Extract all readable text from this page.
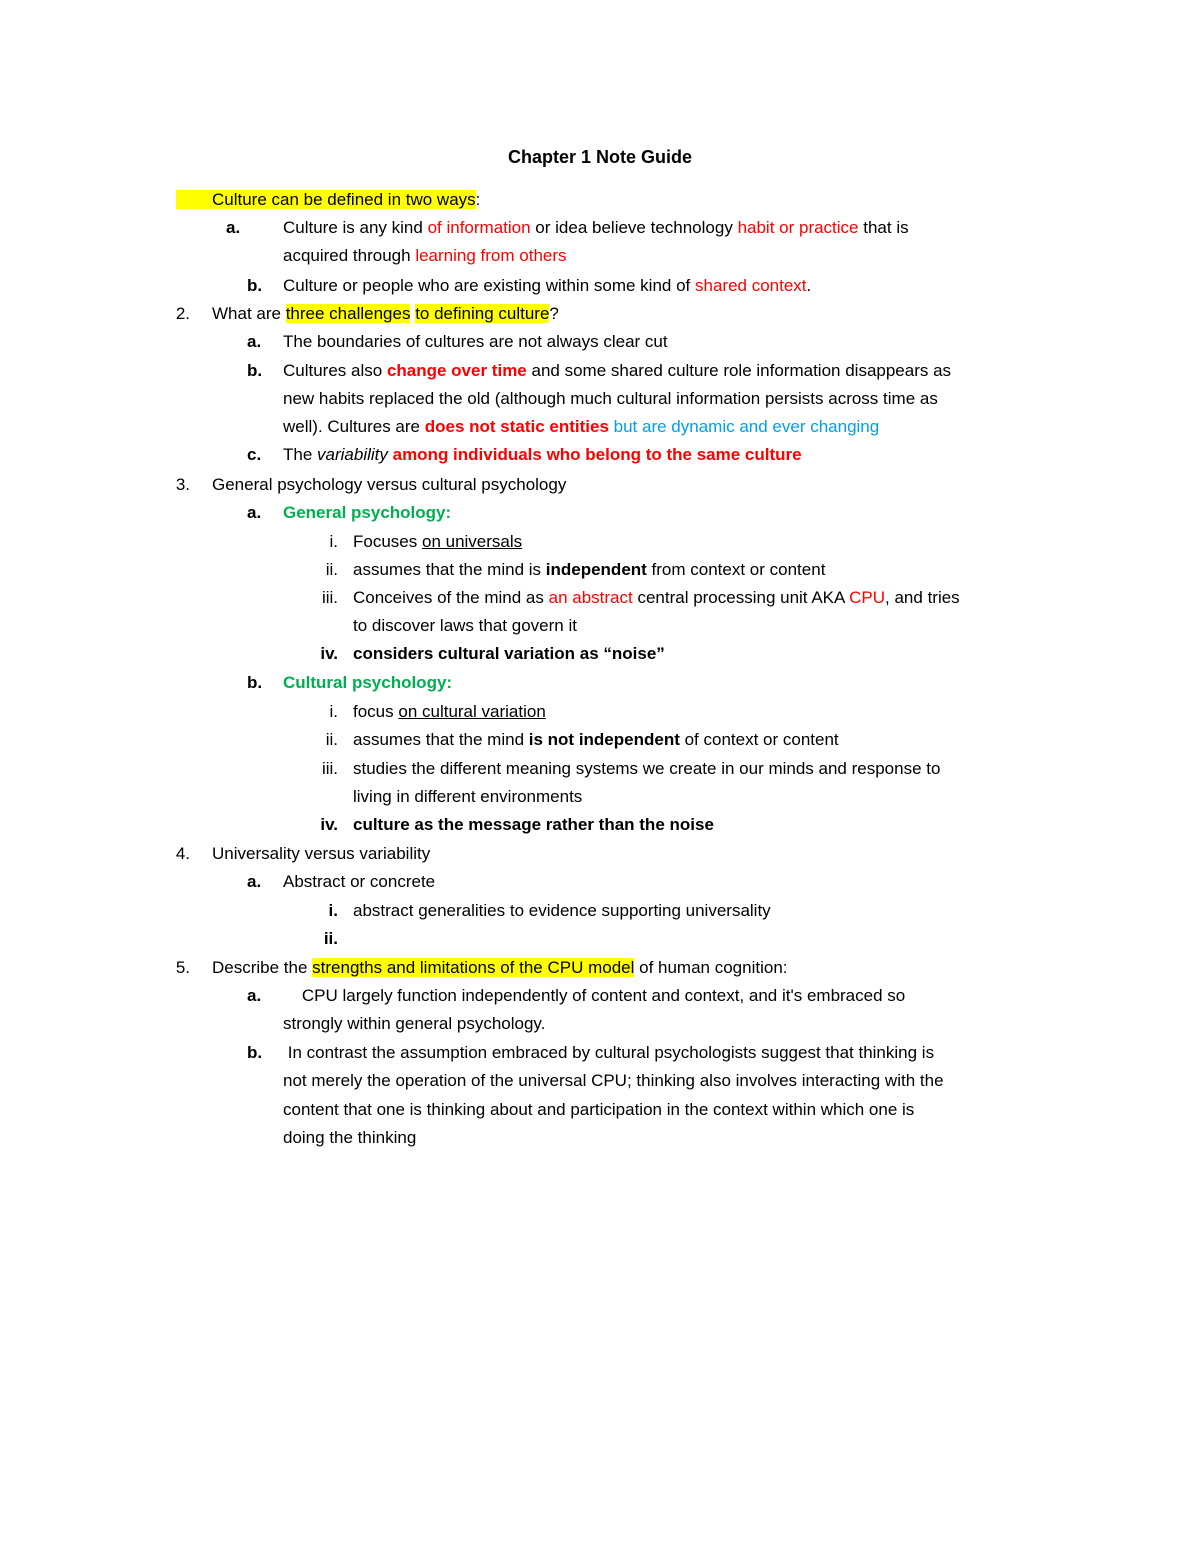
Chapter 1 Note Guide
Culture can be defined in two ways:
a.	Culture is any kind of information or idea believe technology habit or practice that is
acquired through learning from others
b.	Culture or people who are existing within some kind of shared context.
2. What are three challenges to defining culture?
a.	The boundaries of cultures are not always clear cut
b.	Cultures also change over time and some shared culture role information disappears as
new habits replaced the old (although much cultural information persists across time as
well). Cultures are does not static entities but are dynamic and ever changing
c.	The variability among individuals who belong to the same culture
3. General psychology versus cultural psychology
a.	General psychology:
i. Focuses on universals
ii. assumes that the mind is independent from context or content
iii. Conceives of the mind as an abstract central processing unit AKA CPU, and tries
to discover laws that govern it
iv. considers cultural variation as “noise”
b.	Cultural psychology:
i. focus on cultural variation
ii. assumes that the mind is not independent of context or content
iii. studies the different meaning systems we create in our minds and response to
living in different environments
iv. culture as the message rather than the noise
4. Universality versus variability
a.	Abstract or concrete
i. abstract generalities to evidence supporting universality
ii.
5. Describe the strengths and limitations of the CPU model of human cognition:
a.	CPU largely function independently of content and context, and it's embraced so
strongly within general psychology.
b.	In contrast the assumption embraced by cultural psychologists suggest that thinking is
not merely the operation of the universal CPU; thinking also involves interacting with the
content that one is thinking about and participation in the context within which one is
doing the thinking
